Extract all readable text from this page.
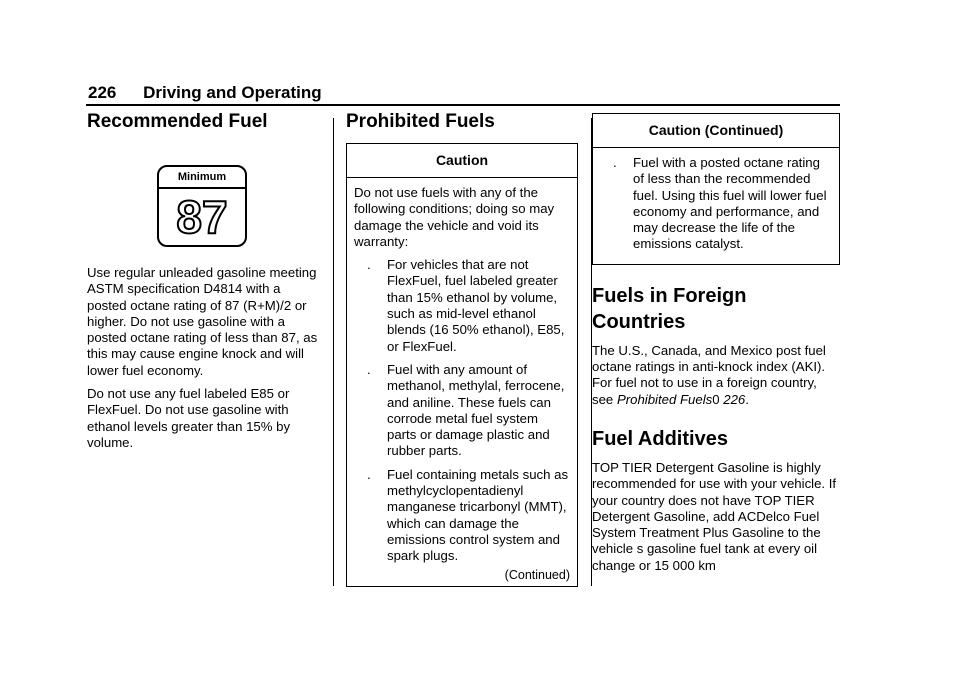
226 Driving and Operating
Recommended Fuel
Minimum
87

Use regular unleaded gasoline meeting ASTM specification D4814 with a posted octane rating of 87 (R+M)/2 or higher. Do not use gasoline with a posted octane rating of less than 87, as this may cause engine knock and will lower fuel economy.

Do not use any fuel labeled E85 or FlexFuel. Do not use gasoline with ethanol levels greater than 15% by volume.

Prohibited Fuels
Caution

Do not use fuels with any of the following conditions; doing so may damage the vehicle and void its warranty:

. For vehicles that are not FlexFuel, fuel labeled greater than 15% ethanol by volume, such as mid-level ethanol blends (16 50% ethanol), E85, or FlexFuel.
. Fuel with any amount of methanol, methylal, ferrocene, and aniline. These fuels can corrode metal fuel system parts or damage plastic and rubber parts.
. Fuel containing metals such as methylcyclopentadienyl manganese tricarbonyl (MMT), which can damage the emissions control system and spark plugs.
(Continued)
Caution (Continued)
. Fuel with a posted octane rating of less than the recommended fuel. Using this fuel will lower fuel economy and performance, and may decrease the life of the emissions catalyst.
Fuels in Foreign Countries

The U.S., Canada, and Mexico post fuel octane ratings in anti-knock index (AKI). For fuel not to use in a foreign country, see Prohibited Fuels0 226.

Fuel Additives

TOP TIER Detergent Gasoline is highly recommended for use with your vehicle. If your country does not have TOP TIER Detergent Gasoline, add ACDelco Fuel System Treatment Plus Gasoline to the vehicle s gasoline fuel tank at every oil change or 15 000 km
